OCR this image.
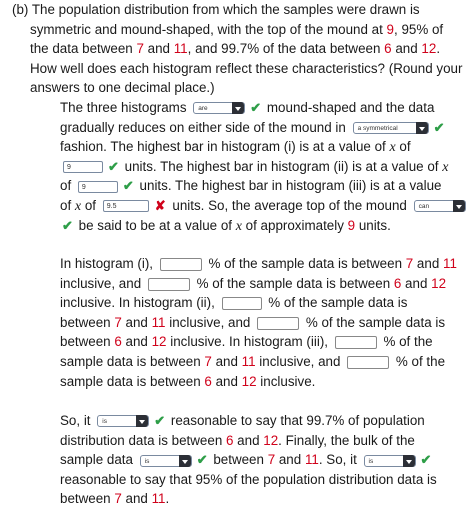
(b) The population distribution from which the samples were drawn is
symmetric and mound-shaped, with the top of the mound at 9, 95% of
the data between 7 and 11, and 99.7% of the data between 6 and 12.
How well does each histogram reflect these characteristics? (Round your
answers to one decimal place.)
The three histograms are	✔ mound-shaped and the data
gradually reduces on either side of the mound in a symmetrical	✔
fashion. The highest bar in histogram (i) is at a value of x of
9	✔ units. The highest bar in histogram (ii) is at a value of x
of 9	✔ units. The highest bar in histogram (iii) is at a value
of x of 9.5	✘ units. So, the average top of the mound can
✔ be said to be at a value of x of approximately 9 units.
In histogram (i),	% of the sample data is between 7 and 11
inclusive, and	% of the sample data is between 6 and 12
inclusive. In histogram (ii),	% of the sample data is
between 7 and 11 inclusive, and	% of the sample data is
between 6 and 12 inclusive. In histogram (iii),	% of the
sample data is between 7 and 11 inclusive, and	% of the
sample data is between 6 and 12 inclusive.
So, it is	✔ reasonable to say that 99.7% of population
distribution data is between 6 and 12. Finally, the bulk of the
sample data is	✔ between 7 and 11. So, it is	✔
reasonable to say that 95% of the population distribution data is
between 7 and 11.
